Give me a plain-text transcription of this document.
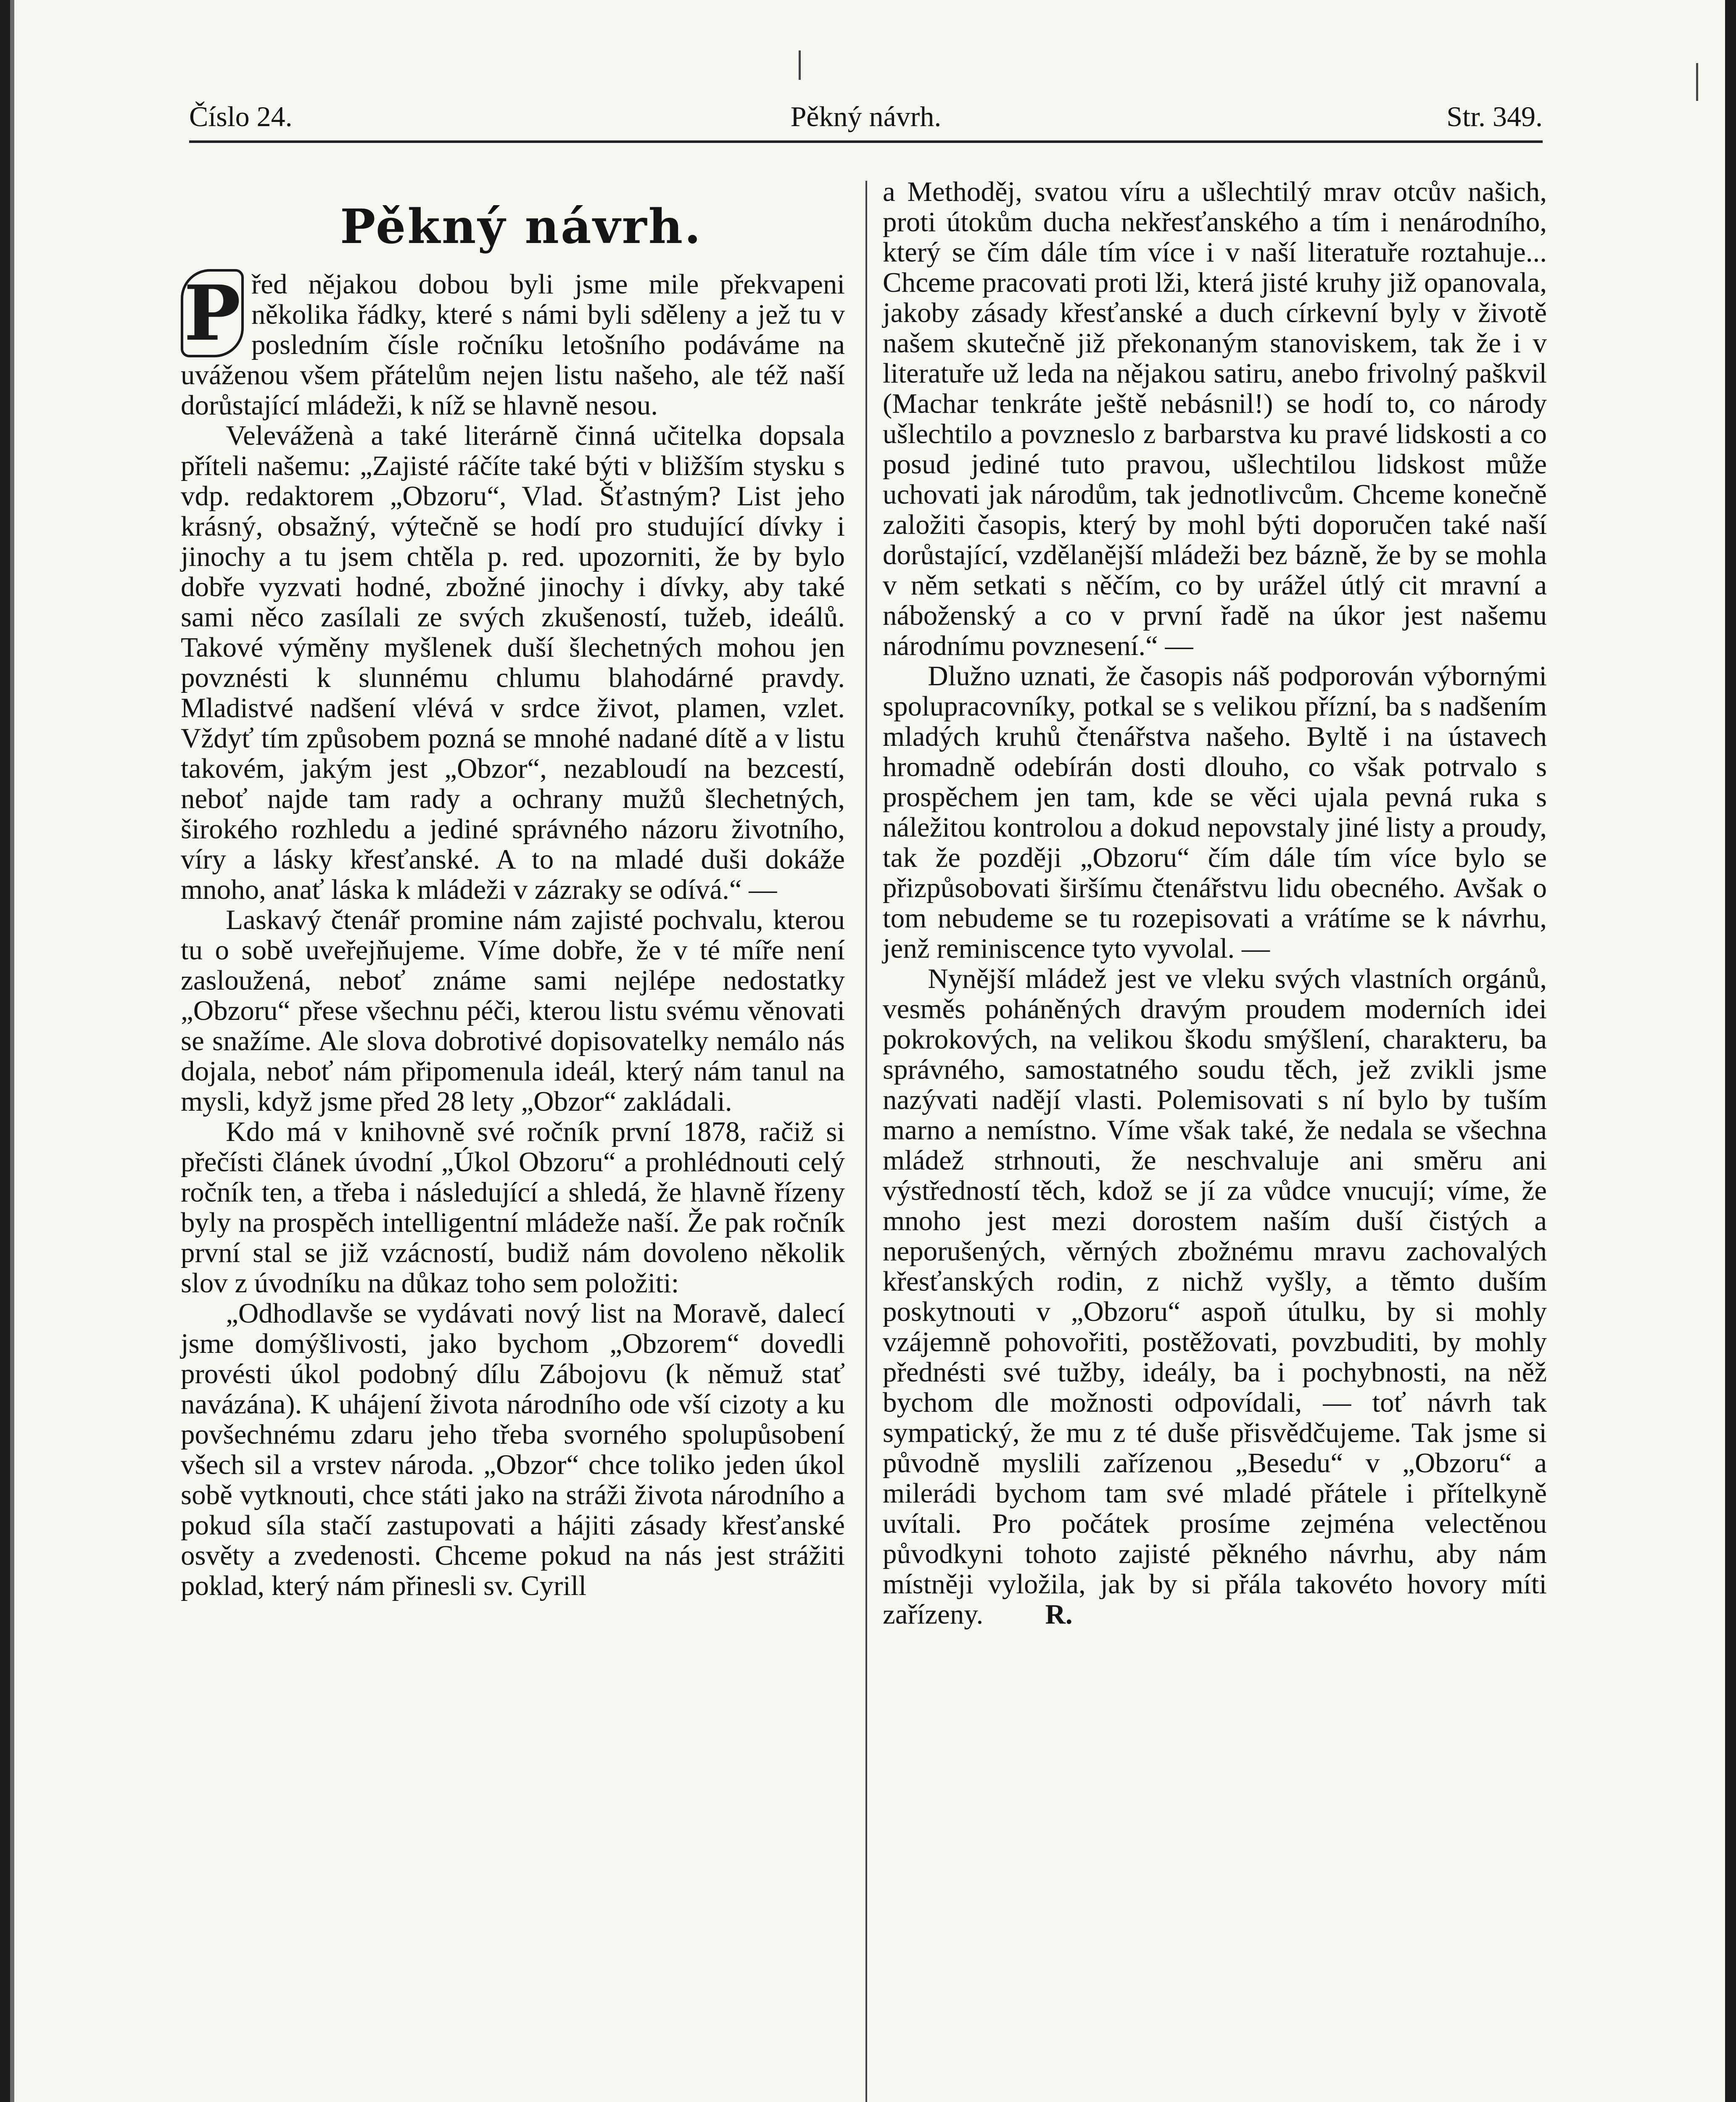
Číslo 24.	Pěkný návrh.	Str. 349.
Pěkný návrh.

P řed nějakou dobou byli jsme mile překvapeni několika řádky, které s námi byli sděleny a jež tu v posledním čísle ročníku letošního podáváme na uváženou všem přátelům nejen listu našeho, ale též naší dorůstající mládeži, k níž se hlavně nesou.

Veleváženà a také literárně činná učitelka dopsala příteli našemu: „Zajisté ráčíte také býti v bližším stysku s vdp. redaktorem „Obzoru“, Vlad. Šťastným? List jeho krásný, obsažný, výtečně se hodí pro studující dívky i jinochy a tu jsem chtěla p. red. upozorniti, že by bylo dobře vyzvati hodné, zbožné jinochy i dívky, aby také sami něco zasílali ze svých zkušeností, tužeb, ideálů. Takové výměny myšlenek duší šlechetných mohou jen povznésti k slunnému chlumu blahodárné pravdy. Mladistvé nadšení vlévá v srdce život, plamen, vzlet. Vždyť tím způsobem pozná se mnohé nadané dítě a v listu takovém, jakým jest „Obzor“, nezabloudí na bezcestí, neboť najde tam rady a ochrany mužů šlechetných, širokého rozhledu a jediné správného názoru životního, víry a lásky křesťanské. A to na mladé duši dokáže mnoho, anať láska k mládeži v zázraky se odívá.“ —

Laskavý čtenář promine nám zajisté pochvalu, kterou tu o sobě uveřejňujeme. Víme dobře, že v té míře není zasloužená, neboť známe sami nejlépe nedostatky „Obzoru“ přese všechnu péči, kterou listu svému věnovati se snažíme. Ale slova dobrotivé dopisovatelky nemálo nás dojala, neboť nám připomenula ideál, který nám tanul na mysli, když jsme před 28 lety „Obzor“ zakládali.

Kdo má v knihovně své ročník první 1878, račiž si přečísti článek úvodní „Úkol Obzoru“ a prohlédnouti celý ročník ten, a třeba i následující a shledá, že hlavně řízeny byly na prospěch intelligentní mládeže naší. Že pak ročník první stal se již vzácností, budiž nám dovoleno několik slov z úvodníku na důkaz toho sem položiti:

„Odhodlavše se vydávati nový list na Moravě, dalecí jsme domýšlivosti, jako bychom „Obzorem“ dovedli provésti úkol podobný dílu Zábojovu (k němuž stať navázána). K uhájení života národního ode vší cizoty a ku povšechnému zdaru jeho třeba svorného spolupůsobení všech sil a vrstev národa. „Obzor“ chce toliko jeden úkol sobě vytknouti, chce státi jako na stráži života národního a pokud síla stačí zastupovati a hájiti zásady křesťanské osvěty a zvedenosti. Chceme pokud na nás jest strážiti poklad, který nám přinesli sv. Cyrill

a Methoděj, svatou víru a ušlechtilý mrav otcův našich, proti útokům ducha nekřesťanského a tím i nenárodního, který se čím dále tím více i v naší literatuře roztahuje... Chceme pracovati proti lži, která jisté kruhy již opanovala, jakoby zásady křesťanské a duch církevní byly v životě našem skutečně již překonaným stanoviskem, tak že i v literatuře už leda na nějakou satiru, anebo frivolný paškvil (Machar tenkráte ještě nebásnil!) se hodí to, co národy ušlechtilo a povzneslo z barbarstva ku pravé lidskosti a co posud jediné tuto pravou, ušlechtilou lidskost může uchovati jak národům, tak jednotlivcům. Chceme konečně založiti časopis, který by mohl býti doporučen také naší dorůstající, vzdělanější mládeži bez bázně, že by se mohla v něm setkati s něčím, co by urážel útlý cit mravní a náboženský a co v první řadě na úkor jest našemu národnímu povznesení.“ —

Dlužno uznati, že časopis náš podporován výbornými spolupracovníky, potkal se s velikou přízní, ba s nadšením mladých kruhů čtenářstva našeho. Byltě i na ústavech hromadně odebírán dosti dlouho, co však potrvalo s prospěchem jen tam, kde se věci ujala pevná ruka s náležitou kontrolou a dokud nepovstaly jiné listy a proudy, tak že později „Obzoru“ čím dále tím více bylo se přizpůsobovati širšímu čtenářstvu lidu obecného. Avšak o tom nebudeme se tu rozepisovati a vrátíme se k návrhu, jenž reminiscence tyto vyvolal. —

Nynější mládež jest ve vleku svých vlastních orgánů, vesměs poháněných dravým proudem moderních idei pokrokových, na velikou škodu smýšlení, charakteru, ba správného, samostatného soudu těch, jež zvikli jsme nazývati nadějí vlasti. Polemisovati s ní bylo by tuším marno a nemístno. Víme však také, že nedala se všechna mládež strhnouti, že neschvaluje ani směru ani výstředností těch, kdož se jí za vůdce vnucují; víme, že mnoho jest mezi dorostem naším duší čistých a neporušených, věrných zbožnému mravu zachovalých křesťanských rodin, z nichž vyšly, a těmto duším poskytnouti v „Obzoru“ aspoň útulku, by si mohly vzájemně pohovořiti, postěžovati, povzbuditi, by mohly přednésti své tužby, ideály, ba i pochybnosti, na něž bychom dle možnosti odpovídali, — toť návrh tak sympatický, že mu z té duše přisvědčujeme. Tak jsme si původně myslili zařízenou „Besedu“ v „Obzoru“ a milerádi bychom tam své mladé přátele i přítelkyně uvítali. Pro počátek prosíme zejména velectěnou původkyni tohoto zajisté pěkného návrhu, aby nám místněji vyložila, jak by si přála takovéto hovory míti zařízeny. R.
